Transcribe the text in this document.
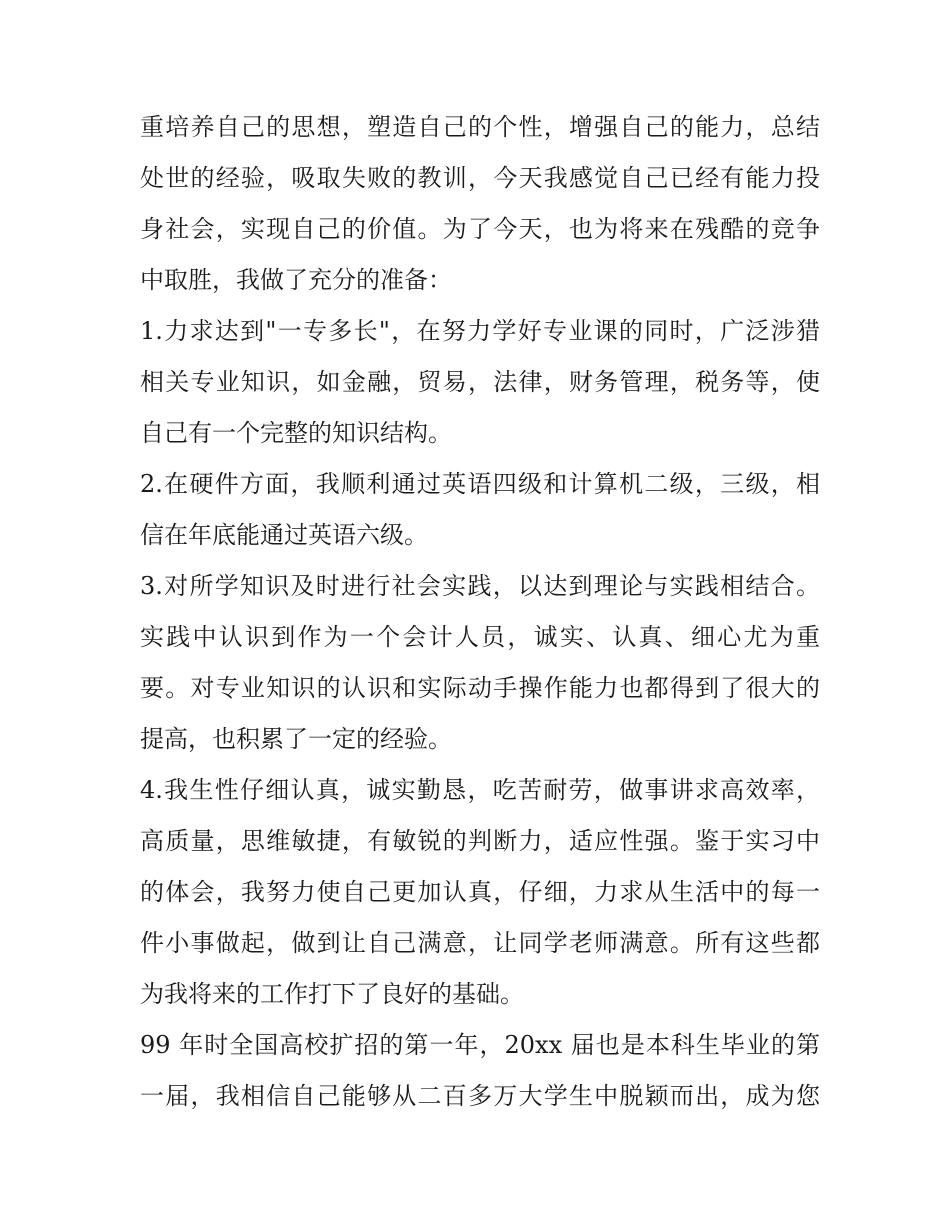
重培养自己的思想，塑造自己的个性，增强自己的能力，总结
处世的经验，吸取失败的教训，今天我感觉自己已经有能力投
身社会，实现自己的价值。为了今天，也为将来在残酷的竞争
中取胜，我做了充分的准备：
1.力求达到"一专多长"，在努力学好专业课的同时，广泛涉猎
相关专业知识，如金融，贸易，法律，财务管理，税务等，使
自己有一个完整的知识结构。
2.在硬件方面，我顺利通过英语四级和计算机二级，三级，相
信在年底能通过英语六级。
3.对所学知识及时进行社会实践，以达到理论与实践相结合。
实践中认识到作为一个会计人员，诚实、认真、细心尤为重
要。对专业知识的认识和实际动手操作能力也都得到了很大的
提高，也积累了一定的经验。
4.我生性仔细认真，诚实勤恳，吃苦耐劳，做事讲求高效率，
高质量，思维敏捷，有敏锐的判断力，适应性强。鉴于实习中
的体会，我努力使自己更加认真，仔细，力求从生活中的每一
件小事做起，做到让自己满意，让同学老师满意。所有这些都
为我将来的工作打下了良好的基础。
99 年时全国高校扩招的第一年，20xx 届也是本科生毕业的第
一届，我相信自己能够从二百多万大学生中脱颖而出，成为您
